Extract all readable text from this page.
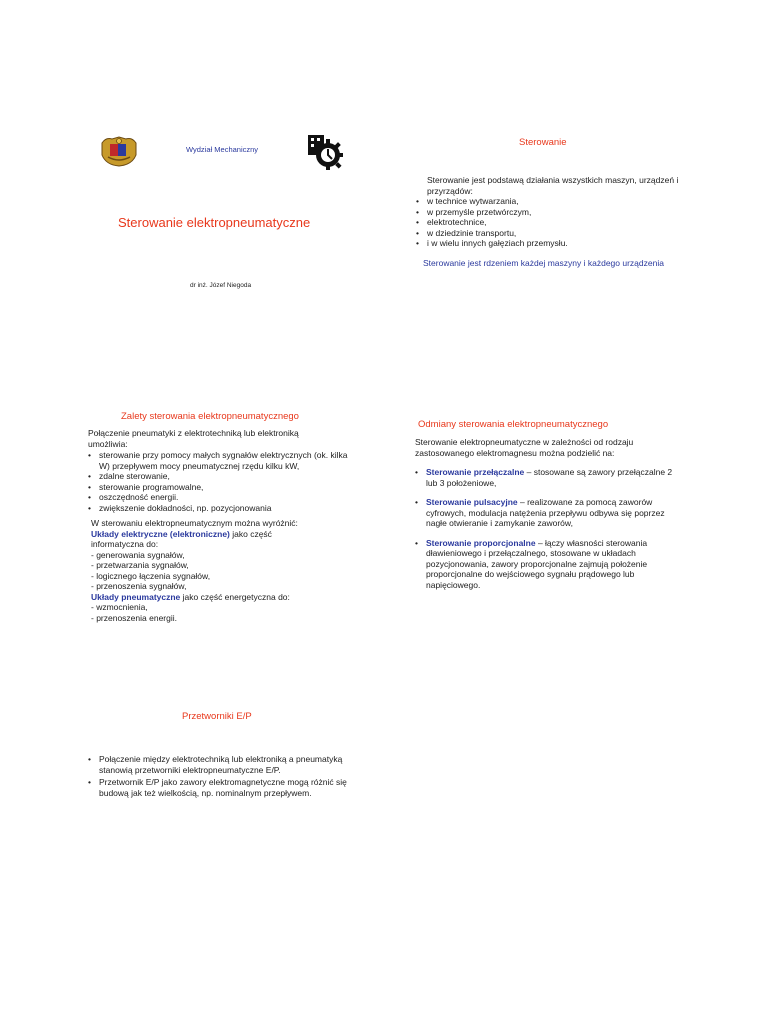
Wydział Mechaniczny
Sterowanie elektropneumatyczne
dr inż. Józef Niegoda
Sterowanie
Sterowanie jest podstawą działania wszystkich maszyn, urządzeń i
przyrządów:
• w technice wytwarzania,
• w przemyśle przetwórczym,
• elektrotechnice,
• w dziedzinie transportu,
• i w wielu innych gałęziach przemysłu.
Sterowanie jest rdzeniem każdej maszyny i każdego urządzenia
Zalety sterowania elektropneumatycznego
Połączenie pneumatyki z elektrotechniką lub elektroniką
umożliwia:
• sterowanie przy pomocy małych sygnałów elektrycznych (ok. kilka W) przepływem mocy pneumatycznej rzędu kilku kW,
• zdalne sterowanie,
• sterowanie programowalne,
• oszczędność energii.
• zwiększenie dokładności, np. pozycjonowania
W sterowaniu elektropneumatycznym można wyróżnić:
Układy elektryczne (elektroniczne) jako część
informatyczna do:
- generowania sygnałów,
- przetwarzania sygnałów,
- logicznego łączenia sygnałów,
- przenoszenia sygnałów,
Układy pneumatyczne jako część energetyczna do:
- wzmocnienia,
- przenoszenia energii.
Odmiany sterowania elektropneumatycznego
Sterowanie elektropneumatyczne w zależności od rodzaju
zastosowanego elektromagnesu można podzielić na:
• Sterowanie przełączalne – stosowane są zawory przełączalne 2
lub 3 położeniowe,
• Sterowanie pulsacyjne – realizowane za pomocą zaworów
cyfrowych, modulacja natężenia przepływu odbywa się poprzez
nagłe otwieranie i zamykanie zaworów,
• Sterowanie proporcjonalne – łączy własności sterowania
dławieniowego i przełączalnego, stosowane w układach
pozycjonowania, zawory proporcjonalne zajmują położenie
proporcjonalne do wejściowego sygnału prądowego lub
napięciowego.
Przetworniki E/P
• Połączenie między elektrotechniką lub elektroniką a pneumatyką
stanowią przetworniki elektropneumatyczne E/P.
• Przetwornik E/P jako zawory elektromagnetyczne mogą różnić się
budową jak też wielkością, np. nominalnym przepływem.
